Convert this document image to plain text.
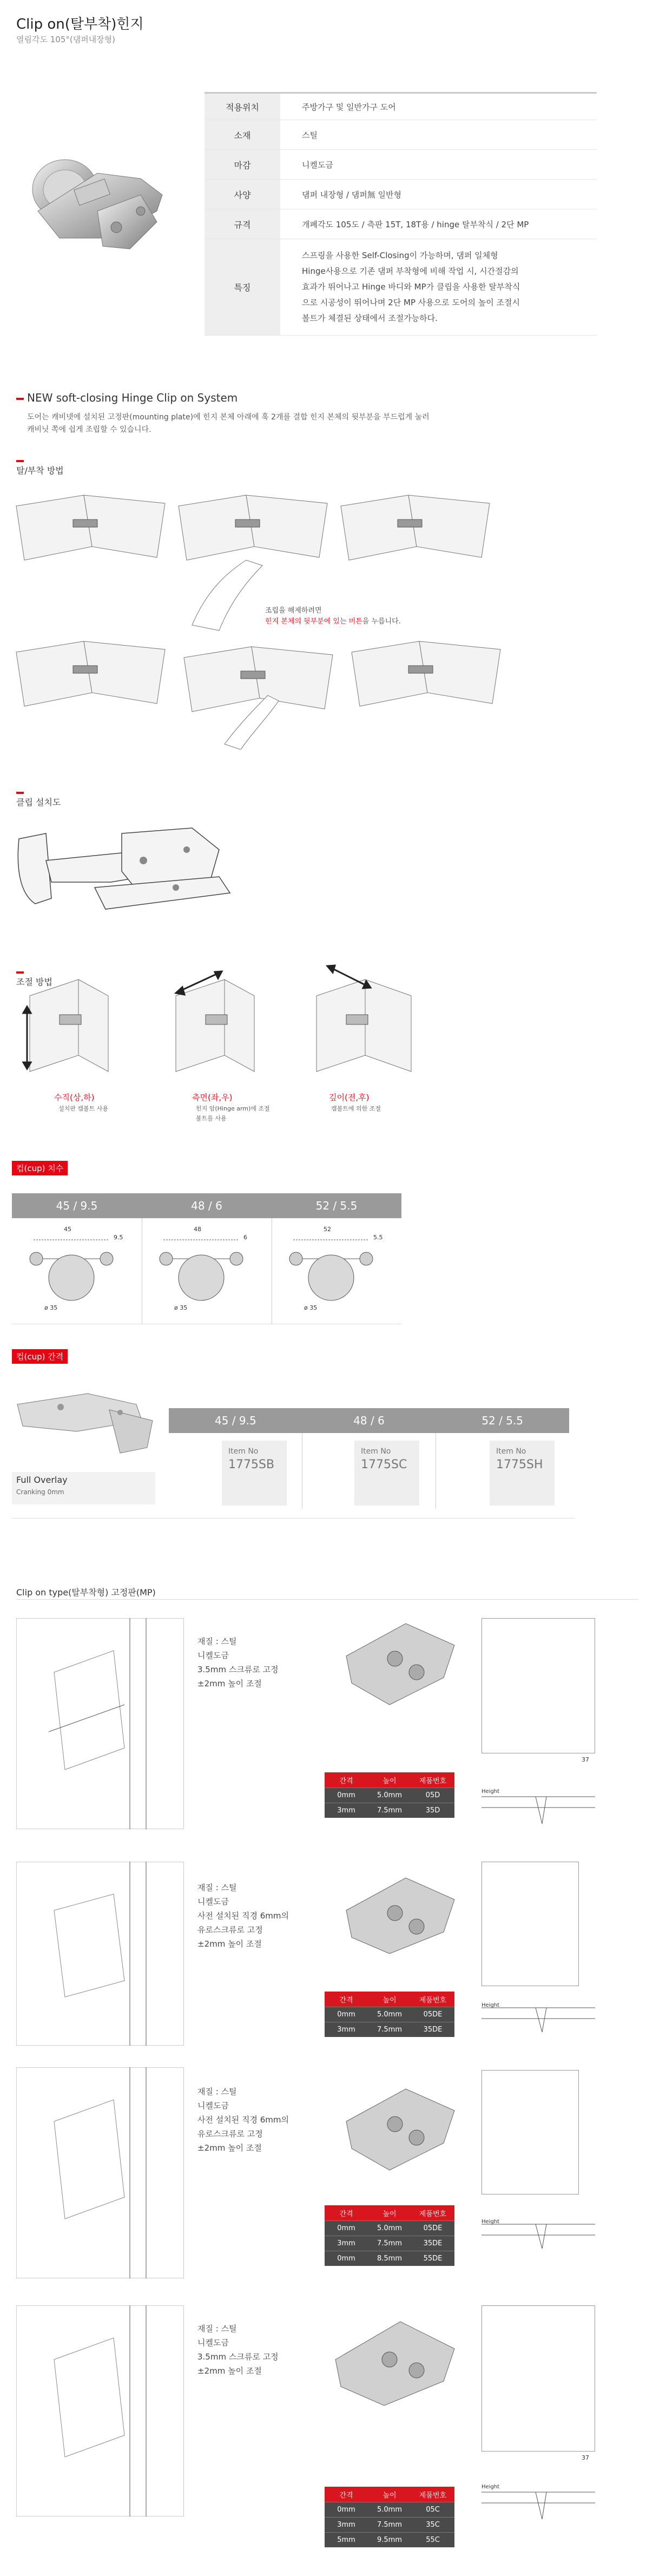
Clip on(탈부착)힌지
열림각도 105°(댐퍼내장형)
적용위치	주방가구 및 일반가구 도어
소재	스틸
마감	니켈도금
사양	댐퍼 내장형 / 댐퍼無 일반형
규격	개폐각도 105도 / 측판 15T, 18T용 / hinge 탈부착식 / 2단 MP
특징

스프링을 사용한 Self-Closing이 가능하며, 댐퍼 일체형

Hinge사용으로 기존 댐퍼 부착형에 비해 작업 시, 시간절감의

효과가 뛰어나고 Hinge 바디와 MP가 클립을 사용한 탈부착식

으로 시공성이 뛰어나며 2단 MP 사용으로 도어의 높이 조절시

볼트가 체결된 상태에서 조절가능하다.

NEW soft-closing Hinge Clip on System
도어는 캐비넷에 설치된 고정판(mounting plate)에 힌지 본체 아래에 훅 2개를 결합 힌지 본체의 뒷부분을 부드럽게 눌러
캐비닛 쪽에 쉽게 조립할 수 있습니다.
탈/부착 방법
조립을 해제하려면
힌지 본체의 뒷부분에 있는 버튼을 누릅니다.
클립 설치도
조절 방법
수직(상,하)
설치판 캠볼트 사용
측면(좌,우)
힌지 암(Hinge arm)에 조절
볼트를 사용
깊이(전,후)
캠볼트에 의한 조절
컵(cup) 치수
45 / 9.5	48 / 6	52 / 5.5
45
9.5
ø 35
48
6
ø 35
52
5.5
ø 35
컵(cup) 간격
Full Overlay
Cranking 0mm
45 / 9.5	48 / 6	52 / 5.5
Item No
1775SB
Item No
1775SC
Item No
1775SH
Clip on type(탈부착형) 고정판(MP)

재질 : 스틸

니켈도금

3.5mm 스크류로 고정

±2mm 높이 조절

간격	높이	제품번호
0mm	5.0mm	05D
3mm	7.5mm	35D
37
Height

재질 : 스틸

니켈도금

사전 설치된 직경 6mm의

유로스크류로 고정

±2mm 높이 조절

간격	높이	제품번호
0mm	5.0mm	05DE
3mm	7.5mm	35DE
Height

재질 : 스틸

니켈도금

사전 설치된 직경 6mm의

유로스크류로 고정

±2mm 높이 조절

간격	높이	제품번호
0mm	5.0mm	05DE
3mm	7.5mm	35DE
0mm	8.5mm	55DE
Height

재질 : 스틸

니켈도금

3.5mm 스크류로 고정

±2mm 높이 조절

간격	높이	제품번호
0mm	5.0mm	05C
3mm	7.5mm	35C
5mm	9.5mm	55C
37
Height
